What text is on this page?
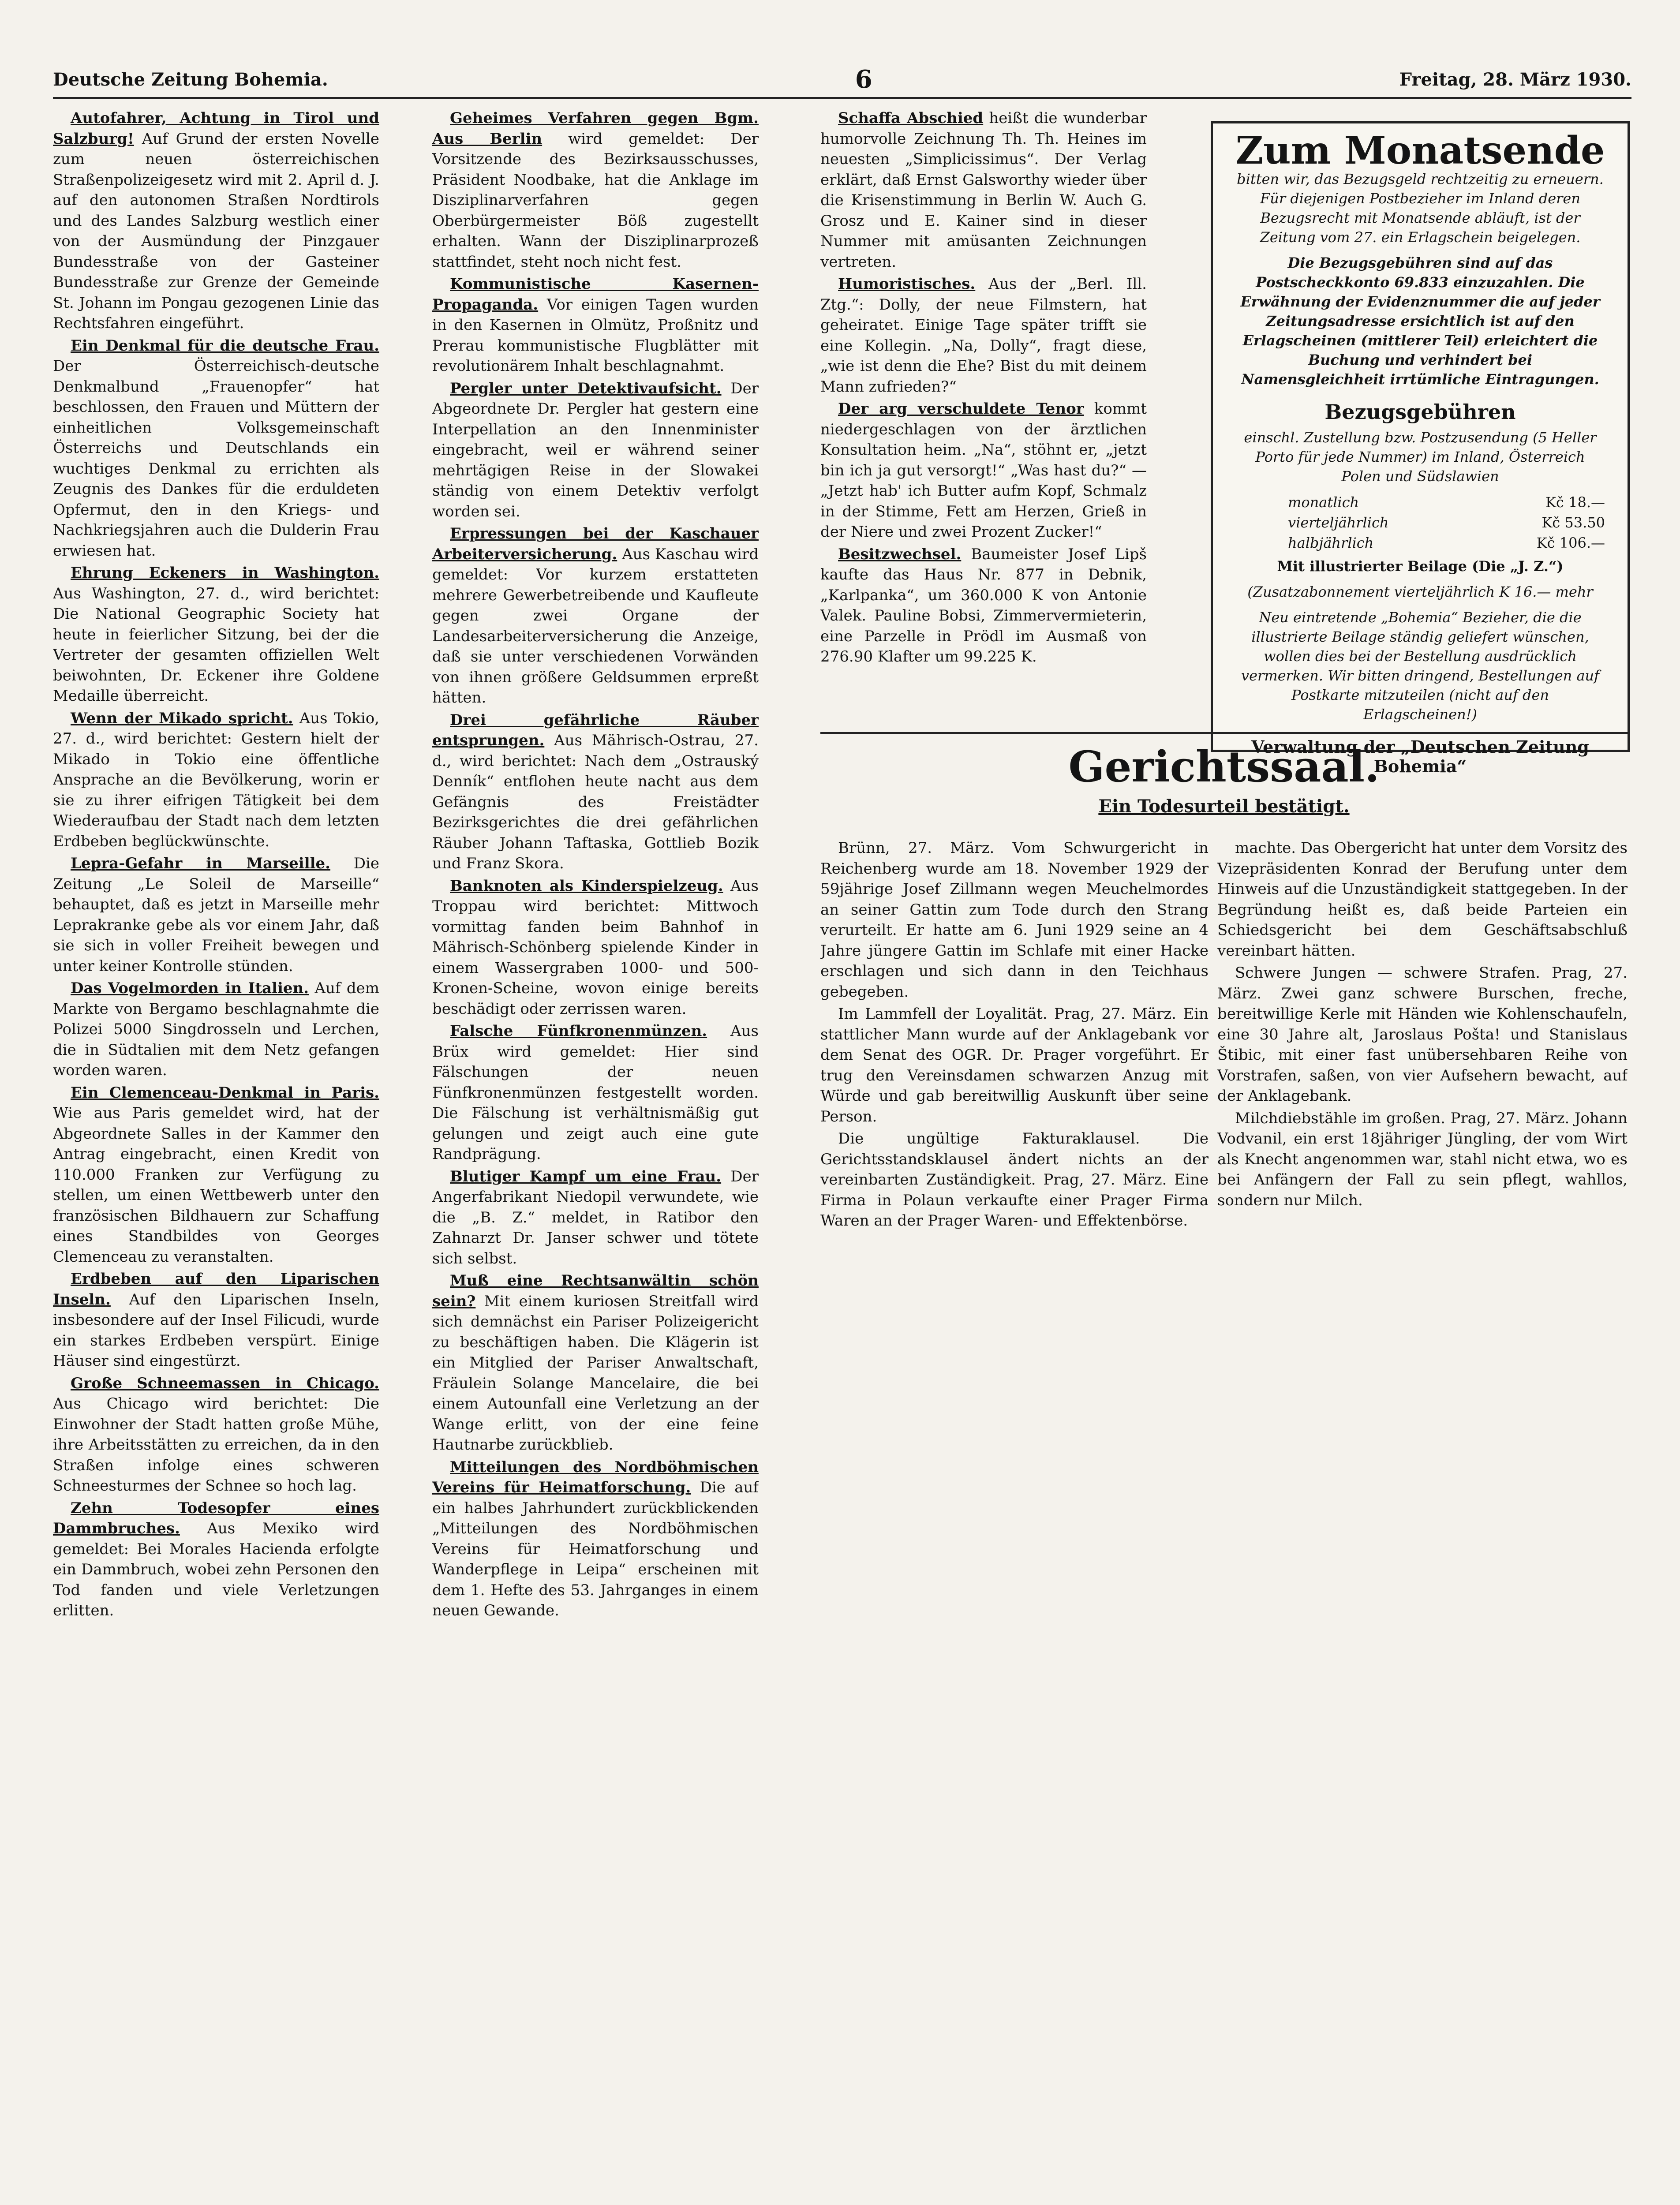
Deutsche Zeitung Bohemia.	6	Freitag, 28. März 1930.

Autofahrer, Achtung in Tirol und Salzburg! Auf Grund der ersten Novelle zum neuen österreichischen Straßenpolizeigesetz wird mit 2. April d. J. auf den autonomen Straßen Nordtirols und des Landes Salzburg westlich einer von der Ausmündung der Pinzgauer Bundesstraße von der Gasteiner Bundesstraße zur Grenze der Gemeinde St. Johann im Pongau gezogenen Linie das Rechtsfahren eingeführt.

Ein Denkmal für die deutsche Frau. Der Österreichisch-deutsche Denkmalbund „Frauenopfer“ hat beschlossen, den Frauen und Müttern der einheitlichen Volksgemeinschaft Österreichs und Deutschlands ein wuchtiges Denkmal zu errichten als Zeugnis des Dankes für die erduldeten Opfermut, den in den Kriegs- und Nachkriegsjahren auch die Dulderin Frau erwiesen hat.

Ehrung Eckeners in Washington. Aus Washington, 27. d., wird berichtet: Die National Geographic Society hat heute in feierlicher Sitzung, bei der die Vertreter der gesamten offiziellen Welt beiwohnten, Dr. Eckener ihre Goldene Medaille überreicht.

Wenn der Mikado spricht. Aus Tokio, 27. d., wird berichtet: Gestern hielt der Mikado in Tokio eine öffentliche Ansprache an die Bevölkerung, worin er sie zu ihrer eifrigen Tätigkeit bei dem Wiederaufbau der Stadt nach dem letzten Erdbeben beglückwünschte.

Lepra-Gefahr in Marseille. Die Zeitung „Le Soleil de Marseille“ behauptet, daß es jetzt in Marseille mehr Leprakranke gebe als vor einem Jahr, daß sie sich in voller Freiheit bewegen und unter keiner Kontrolle stünden.

Das Vogelmorden in Italien. Auf dem Markte von Bergamo beschlagnahmte die Polizei 5000 Singdrosseln und Lerchen, die in Südtalien mit dem Netz gefangen worden waren.

Ein Clemenceau-Denkmal in Paris. Wie aus Paris gemeldet wird, hat der Abgeordnete Salles in der Kammer den Antrag eingebracht, einen Kredit von 110.000 Franken zur Verfügung zu stellen, um einen Wettbewerb unter den französischen Bildhauern zur Schaffung eines Standbildes von Georges Clemenceau zu veranstalten.

Erdbeben auf den Liparischen Inseln. Auf den Liparischen Inseln, insbesondere auf der Insel Filicudi, wurde ein starkes Erdbeben verspürt. Einige Häuser sind eingestürzt.

Große Schneemassen in Chicago. Aus Chicago wird berichtet: Die Einwohner der Stadt hatten große Mühe, ihre Arbeitsstätten zu erreichen, da in den Straßen infolge eines schweren Schneesturmes der Schnee so hoch lag.

Zehn Todesopfer eines Dammbruches. Aus Mexiko wird gemeldet: Bei Morales Hacienda erfolgte ein Dammbruch, wobei zehn Personen den Tod fanden und viele Verletzungen erlitten.

Geheimes Verfahren gegen Bgm. Aus Berlin wird gemeldet: Der Vorsitzende des Bezirksausschusses, Präsident Noodbake, hat die Anklage im Disziplinarverfahren gegen Oberbürgermeister Böß zugestellt erhalten. Wann der Disziplinarprozeß stattfindet, steht noch nicht fest.

Kommunistische Kasernen-Propaganda. Vor einigen Tagen wurden in den Kasernen in Olmütz, Proßnitz und Prerau kommunistische Flugblätter mit revolutionärem Inhalt beschlagnahmt.

Pergler unter Detektivaufsicht. Der Abgeordnete Dr. Pergler hat gestern eine Interpellation an den Innenminister eingebracht, weil er während seiner mehrtägigen Reise in der Slowakei ständig von einem Detektiv verfolgt worden sei.

Erpressungen bei der Kaschauer Arbeiterversicherung. Aus Kaschau wird gemeldet: Vor kurzem erstatteten mehrere Gewerbetreibende und Kaufleute gegen zwei Organe der Landesarbeiterversicherung die Anzeige, daß sie unter verschiedenen Vorwänden von ihnen größere Geldsummen erpreßt hätten.

Drei gefährliche Räuber entsprungen. Aus Mährisch-Ostrau, 27. d., wird berichtet: Nach dem „Ostrauský Denník“ entflohen heute nacht aus dem Gefängnis des Freistädter Bezirksgerichtes die drei gefährlichen Räuber Johann Taftaska, Gottlieb Bozik und Franz Skora.

Banknoten als Kinderspielzeug. Aus Troppau wird berichtet: Mittwoch vormittag fanden beim Bahnhof in Mährisch-Schönberg spielende Kinder in einem Wassergraben 1000- und 500-Kronen-Scheine, wovon einige bereits beschädigt oder zerrissen waren.

Falsche Fünfkronenmünzen. Aus Brüx wird gemeldet: Hier sind Fälschungen der neuen Fünfkronenmünzen festgestellt worden. Die Fälschung ist verhältnismäßig gut gelungen und zeigt auch eine gute Randprägung.

Blutiger Kampf um eine Frau. Der Angerfabrikant Niedopil verwundete, wie die „B. Z.“ meldet, in Ratibor den Zahnarzt Dr. Janser schwer und tötete sich selbst.

Muß eine Rechtsanwältin schön sein? Mit einem kuriosen Streitfall wird sich demnächst ein Pariser Polizeigericht zu beschäftigen haben. Die Klägerin ist ein Mitglied der Pariser Anwaltschaft, Fräulein Solange Mancelaire, die bei einem Autounfall eine Verletzung an der Wange erlitt, von der eine feine Hautnarbe zurückblieb.

Mitteilungen des Nordböhmischen Vereins für Heimatforschung. Die auf ein halbes Jahrhundert zurückblickenden „Mitteilungen des Nordböhmischen Vereins für Heimatforschung und Wanderpflege in Leipa“ erscheinen mit dem 1. Hefte des 53. Jahrganges in einem neuen Gewande.

Schaffa Abschied heißt die wunderbar humorvolle Zeichnung Th. Th. Heines im neuesten „Simplicissimus“. Der Verlag erklärt, daß Ernst Galsworthy wieder über die Krisenstimmung in Berlin W. Auch G. Grosz und E. Kainer sind in dieser Nummer mit amüsanten Zeichnungen vertreten.

Humoristisches. Aus der „Berl. Ill. Ztg.“: Dolly, der neue Filmstern, hat geheiratet. Einige Tage später trifft sie eine Kollegin. „Na, Dolly“, fragt diese, „wie ist denn die Ehe? Bist du mit deinem Mann zufrieden?“

Der arg verschuldete Tenor kommt niedergeschlagen von der ärztlichen Konsultation heim. „Na“, stöhnt er, „jetzt bin ich ja gut versorgt!“ „Was hast du?“ — „Jetzt hab' ich Butter aufm Kopf, Schmalz in der Stimme, Fett am Herzen, Grieß in der Niere und zwei Prozent Zucker!“

Besitzwechsel. Baumeister Josef Lipš kaufte das Haus Nr. 877 in Debnik, „Karlpanka“, um 360.000 K von Antonie Valek. Pauline Bobsi, Zimmervermieterin, eine Parzelle in Prödl im Ausmaß von 276.90 Klafter um 99.225 K.

Zum Monatsende

bitten wir, das Bezugsgeld rechtzeitig zu erneuern. Für diejenigen Postbezieher im Inland deren Bezugsrecht mit Monatsende abläuft, ist der Zeitung vom 27. ein Erlagschein beigelegen.

Die Bezugsgebühren sind auf das Postscheckkonto 69.833 einzuzahlen. Die Erwähnung der Evidenznummer die auf jeder Zeitungsadresse ersichtlich ist auf den Erlagscheinen (mittlerer Teil) erleichtert die Buchung und verhindert bei Namensgleichheit irrtümliche Eintragungen.

Bezugsgebühren

einschl. Zustellung bzw. Postzusendung (5 Heller Porto für jede Nummer) im Inland, Österreich Polen und Südslawien

monatlich	Kč 18.—
vierteljährlich	Kč 53.50
halbjährlich	Kč 106.—

Mit illustrierter Beilage (Die „J. Z.“)

(Zusatzabonnement vierteljährlich K 16.— mehr

Neu eintretende „Bohemia“ Bezieher, die die illustrierte Beilage ständig geliefert wünschen, wollen dies bei der Bestellung ausdrücklich vermerken. Wir bitten dringend, Bestellungen auf Postkarte mitzuteilen (nicht auf den Erlagscheinen!)

Verwaltung der „Deutschen Zeitung Bohemia“
Gerichtssaal.
Ein Todesurteil bestätigt.

Brünn, 27. März. Vom Schwurgericht in Reichenberg wurde am 18. November 1929 der 59jährige Josef Zillmann wegen Meuchelmordes an seiner Gattin zum Tode durch den Strang verurteilt. Er hatte am 6. Juni 1929 seine an 4 Jahre jüngere Gattin im Schlafe mit einer Hacke erschlagen und sich dann in den Teichhaus gebegeben.

Im Lammfell der Loyalität. Prag, 27. März. Ein stattlicher Mann wurde auf der Anklagebank vor dem Senat des OGR. Dr. Prager vorgeführt. Er trug den Vereinsdamen schwarzen Anzug mit Würde und gab bereitwillig Auskunft über seine Person.

Die ungültige Fakturaklausel.	Die Gerichtsstandsklausel ändert nichts an der vereinbarten Zuständigkeit. Prag, 27. März. Eine Firma in Polaun verkaufte einer Prager Firma Waren an der Prager Waren- und Effektenbörse.

machte. Das Obergericht hat unter dem Vorsitz des Vizepräsidenten Konrad der Berufung unter dem Hinweis auf die Unzuständigkeit stattgegeben. In der Begründung heißt es, daß beide Parteien ein Schiedsgericht bei dem Geschäftsabschluß vereinbart hätten.

Schwere Jungen — schwere Strafen. Prag, 27. März. Zwei ganz schwere Burschen, freche, bereitwillige Kerle mit Händen wie Kohlenschaufeln, eine 30 Jahre alt, Jaroslaus Pošta! und Stanislaus Štibic, mit einer fast unübersehbaren Reihe von Vorstrafen, saßen, von vier Aufsehern bewacht, auf der Anklagebank.

Milchdiebstähle im großen. Prag, 27. März. Johann Vodvanil, ein erst 18jähriger Jüngling, der vom Wirt als Knecht angenommen war, stahl nicht etwa, wo es bei Anfängern der Fall zu sein pflegt, wahllos, sondern nur Milch.
